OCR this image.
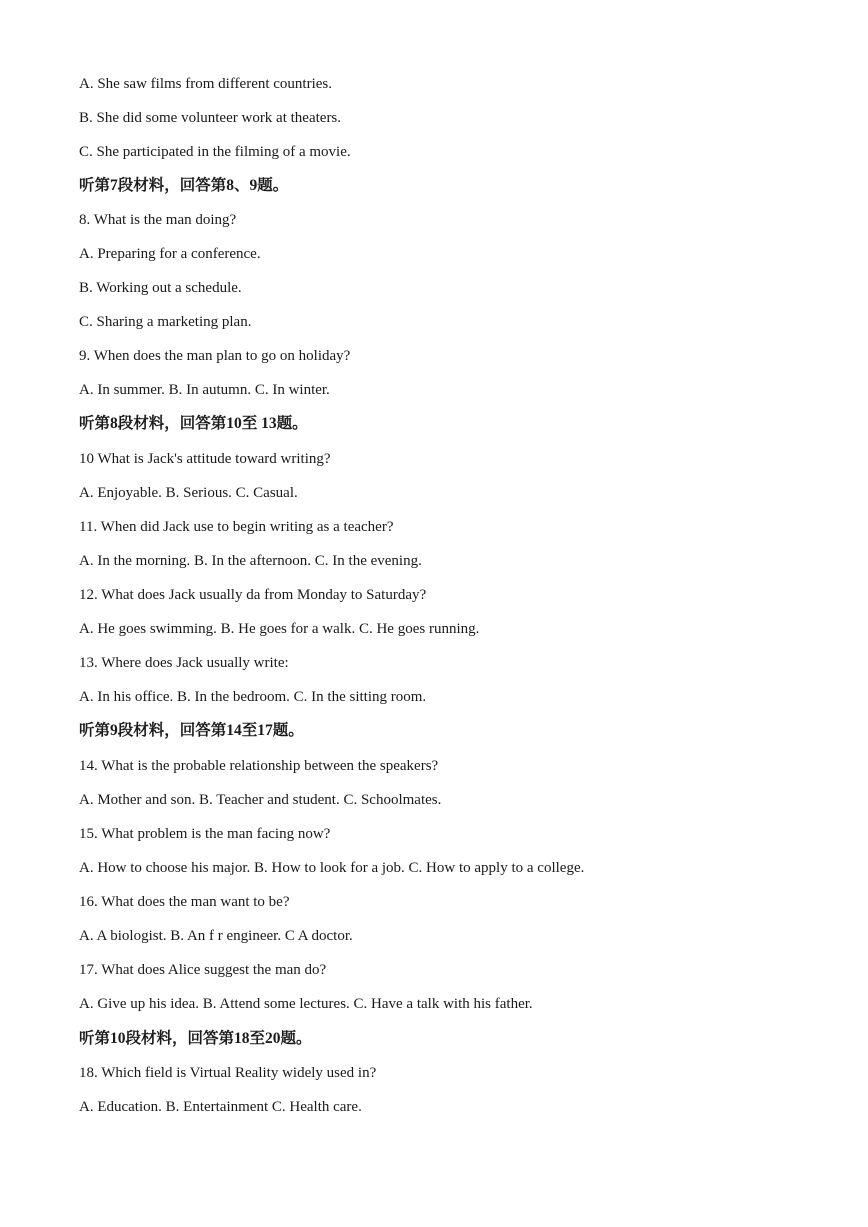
A. She saw films from different countries.
B. She did some volunteer work at theaters.
C. She participated in the filming of a movie.
听第7段材料，回答第8、9题。
8. What is the man doing?
A. Preparing for a conference.
B. Working out a schedule.
C. Sharing a marketing plan.
9. When does the man plan to go on holiday?
A. In summer. B. In autumn. C. In winter.
听第8段材料，回答第10至 13题。
10 What is Jack's attitude toward writing?
A. Enjoyable. B. Serious. C. Casual.
11. When did Jack use to begin writing as a teacher?
A. In the morning. B. In the afternoon. C. In the evening.
12. What does Jack usually da from Monday to Saturday?
A. He goes swimming. B. He goes for a walk. C. He goes running.
13. Where does Jack usually write:
A. In his office. B. In the bedroom. C. In the sitting room.
听第9段材料，回答第14至17题。
14. What is the probable relationship between the speakers?
A. Mother and son. B. Teacher and student. C. Schoolmates.
15. What problem is the man facing now?
A. How to choose his major. B. How to look for a job. C. How to apply to a college.
16. What does the man want to be?
A. A biologist. B. An f r engineer. C A doctor.
17. What does Alice suggest the man do?
A. Give up his idea. B. Attend some lectures. C. Have a talk with his father.
听第10段材料，回答第18至20题。
18. Which field is Virtual Reality widely used in?
A. Education. B. Entertainment C. Health care.
